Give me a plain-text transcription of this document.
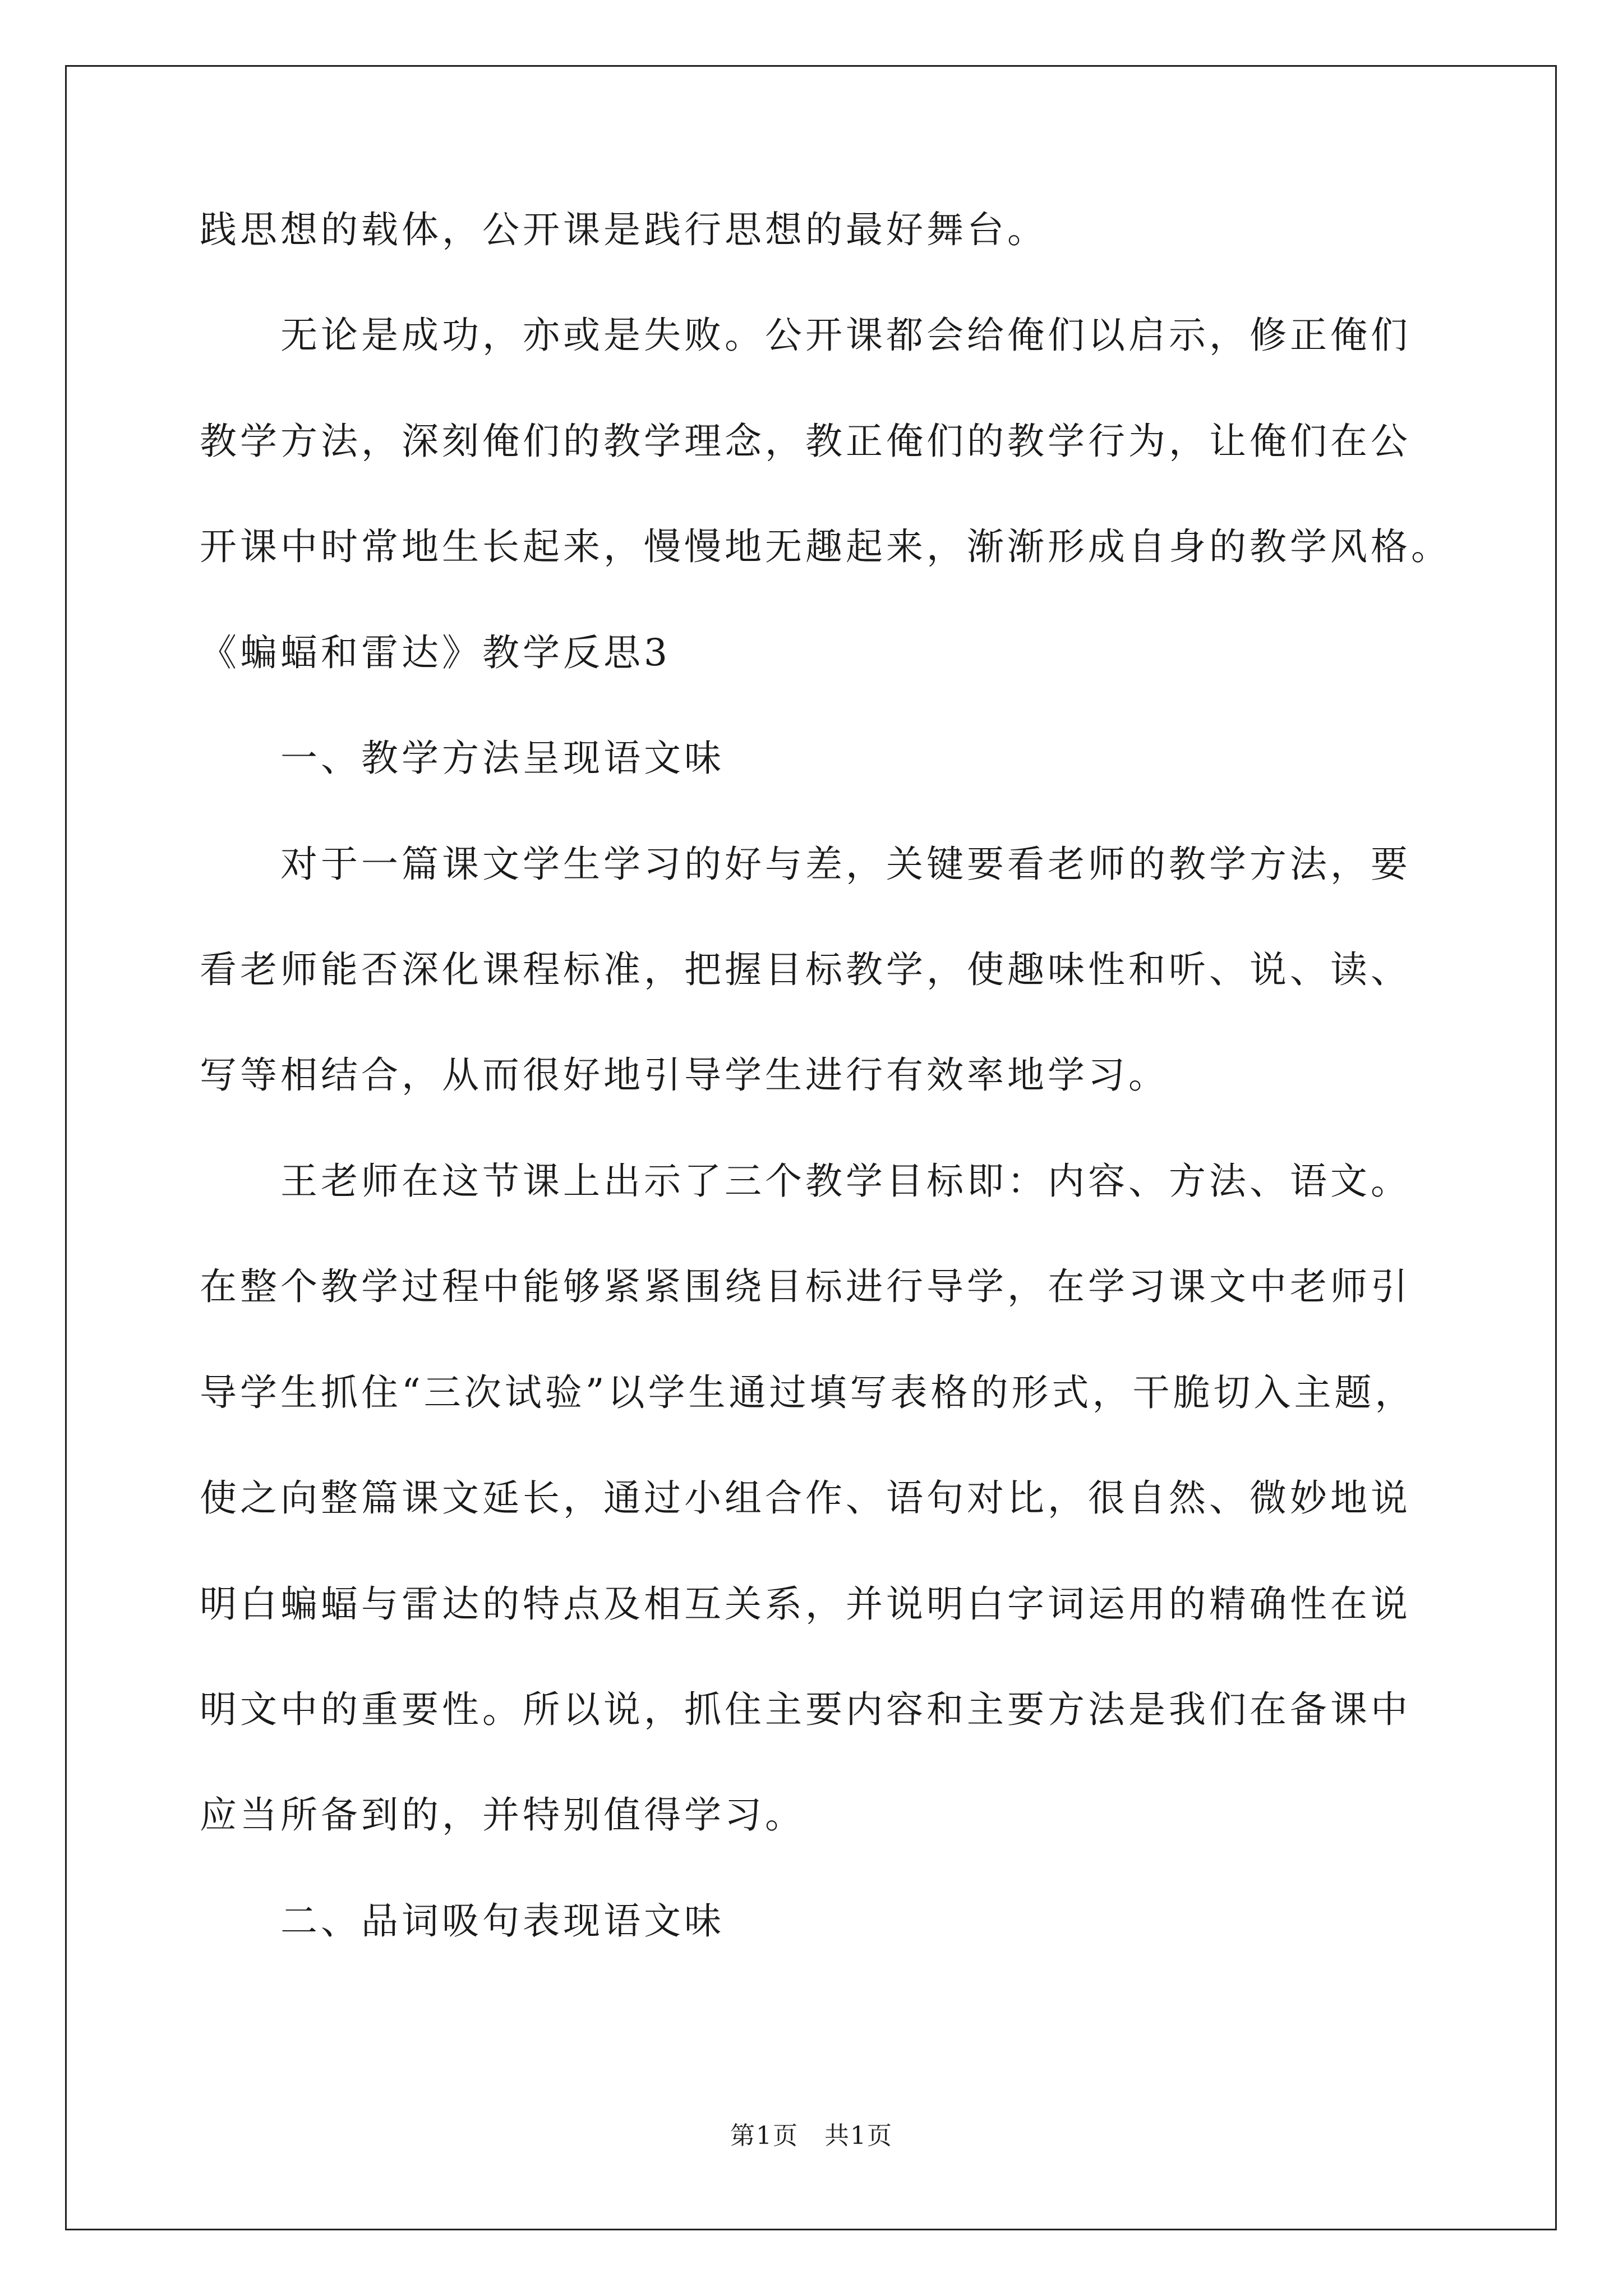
践思想的载体，公开课是践行思想的最好舞台。
无论是成功，亦或是失败。公开课都会给俺们以启示，修正俺们
教学方法，深刻俺们的教学理念，教正俺们的教学行为，让俺们在公
开课中时常地生长起来，慢慢地无趣起来，渐渐形成自身的教学风格。
《蝙蝠和雷达》教学反思3
一、教学方法呈现语文味
对于一篇课文学生学习的好与差，关键要看老师的教学方法，要
看老师能否深化课程标准，把握目标教学，使趣味性和听、说、读、
写等相结合，从而很好地引导学生进行有效率地学习。
王老师在这节课上出示了三个教学目标即：内容、方法、语文。
在整个教学过程中能够紧紧围绕目标进行导学，在学习课文中老师引
导学生抓住“三次试验”以学生通过填写表格的形式，干脆切入主题，
使之向整篇课文延长，通过小组合作、语句对比，很自然、微妙地说
明白蝙蝠与雷达的特点及相互关系，并说明白字词运用的精确性在说
明文中的重要性。所以说，抓住主要内容和主要方法是我们在备课中
应当所备到的，并特别值得学习。
二、品词吸句表现语文味
第1页　共1页
